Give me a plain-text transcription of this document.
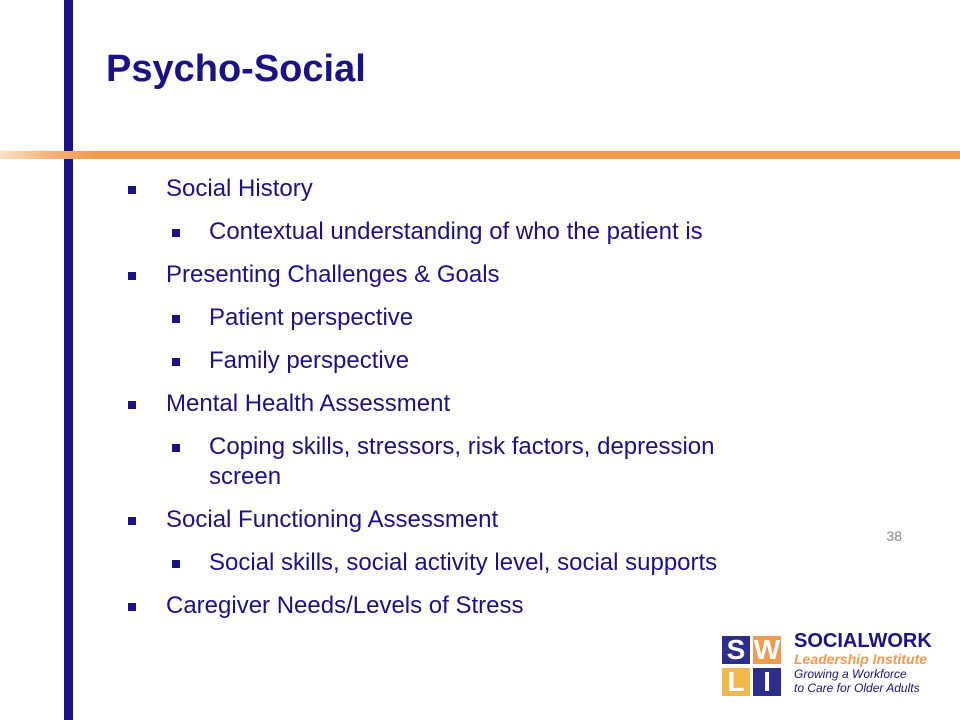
Psycho-Social
Social History
Contextual understanding of who the patient is
Presenting Challenges & Goals
Patient perspective
Family perspective
Mental Health Assessment
Coping skills, stressors, risk factors, depression screen
Social Functioning Assessment
Social skills, social activity level, social supports
Caregiver Needs/Levels of Stress
38
S W
L I
SOCIALWORK
Leadership Institute
Growing a Workforce
to Care for Older Adults
